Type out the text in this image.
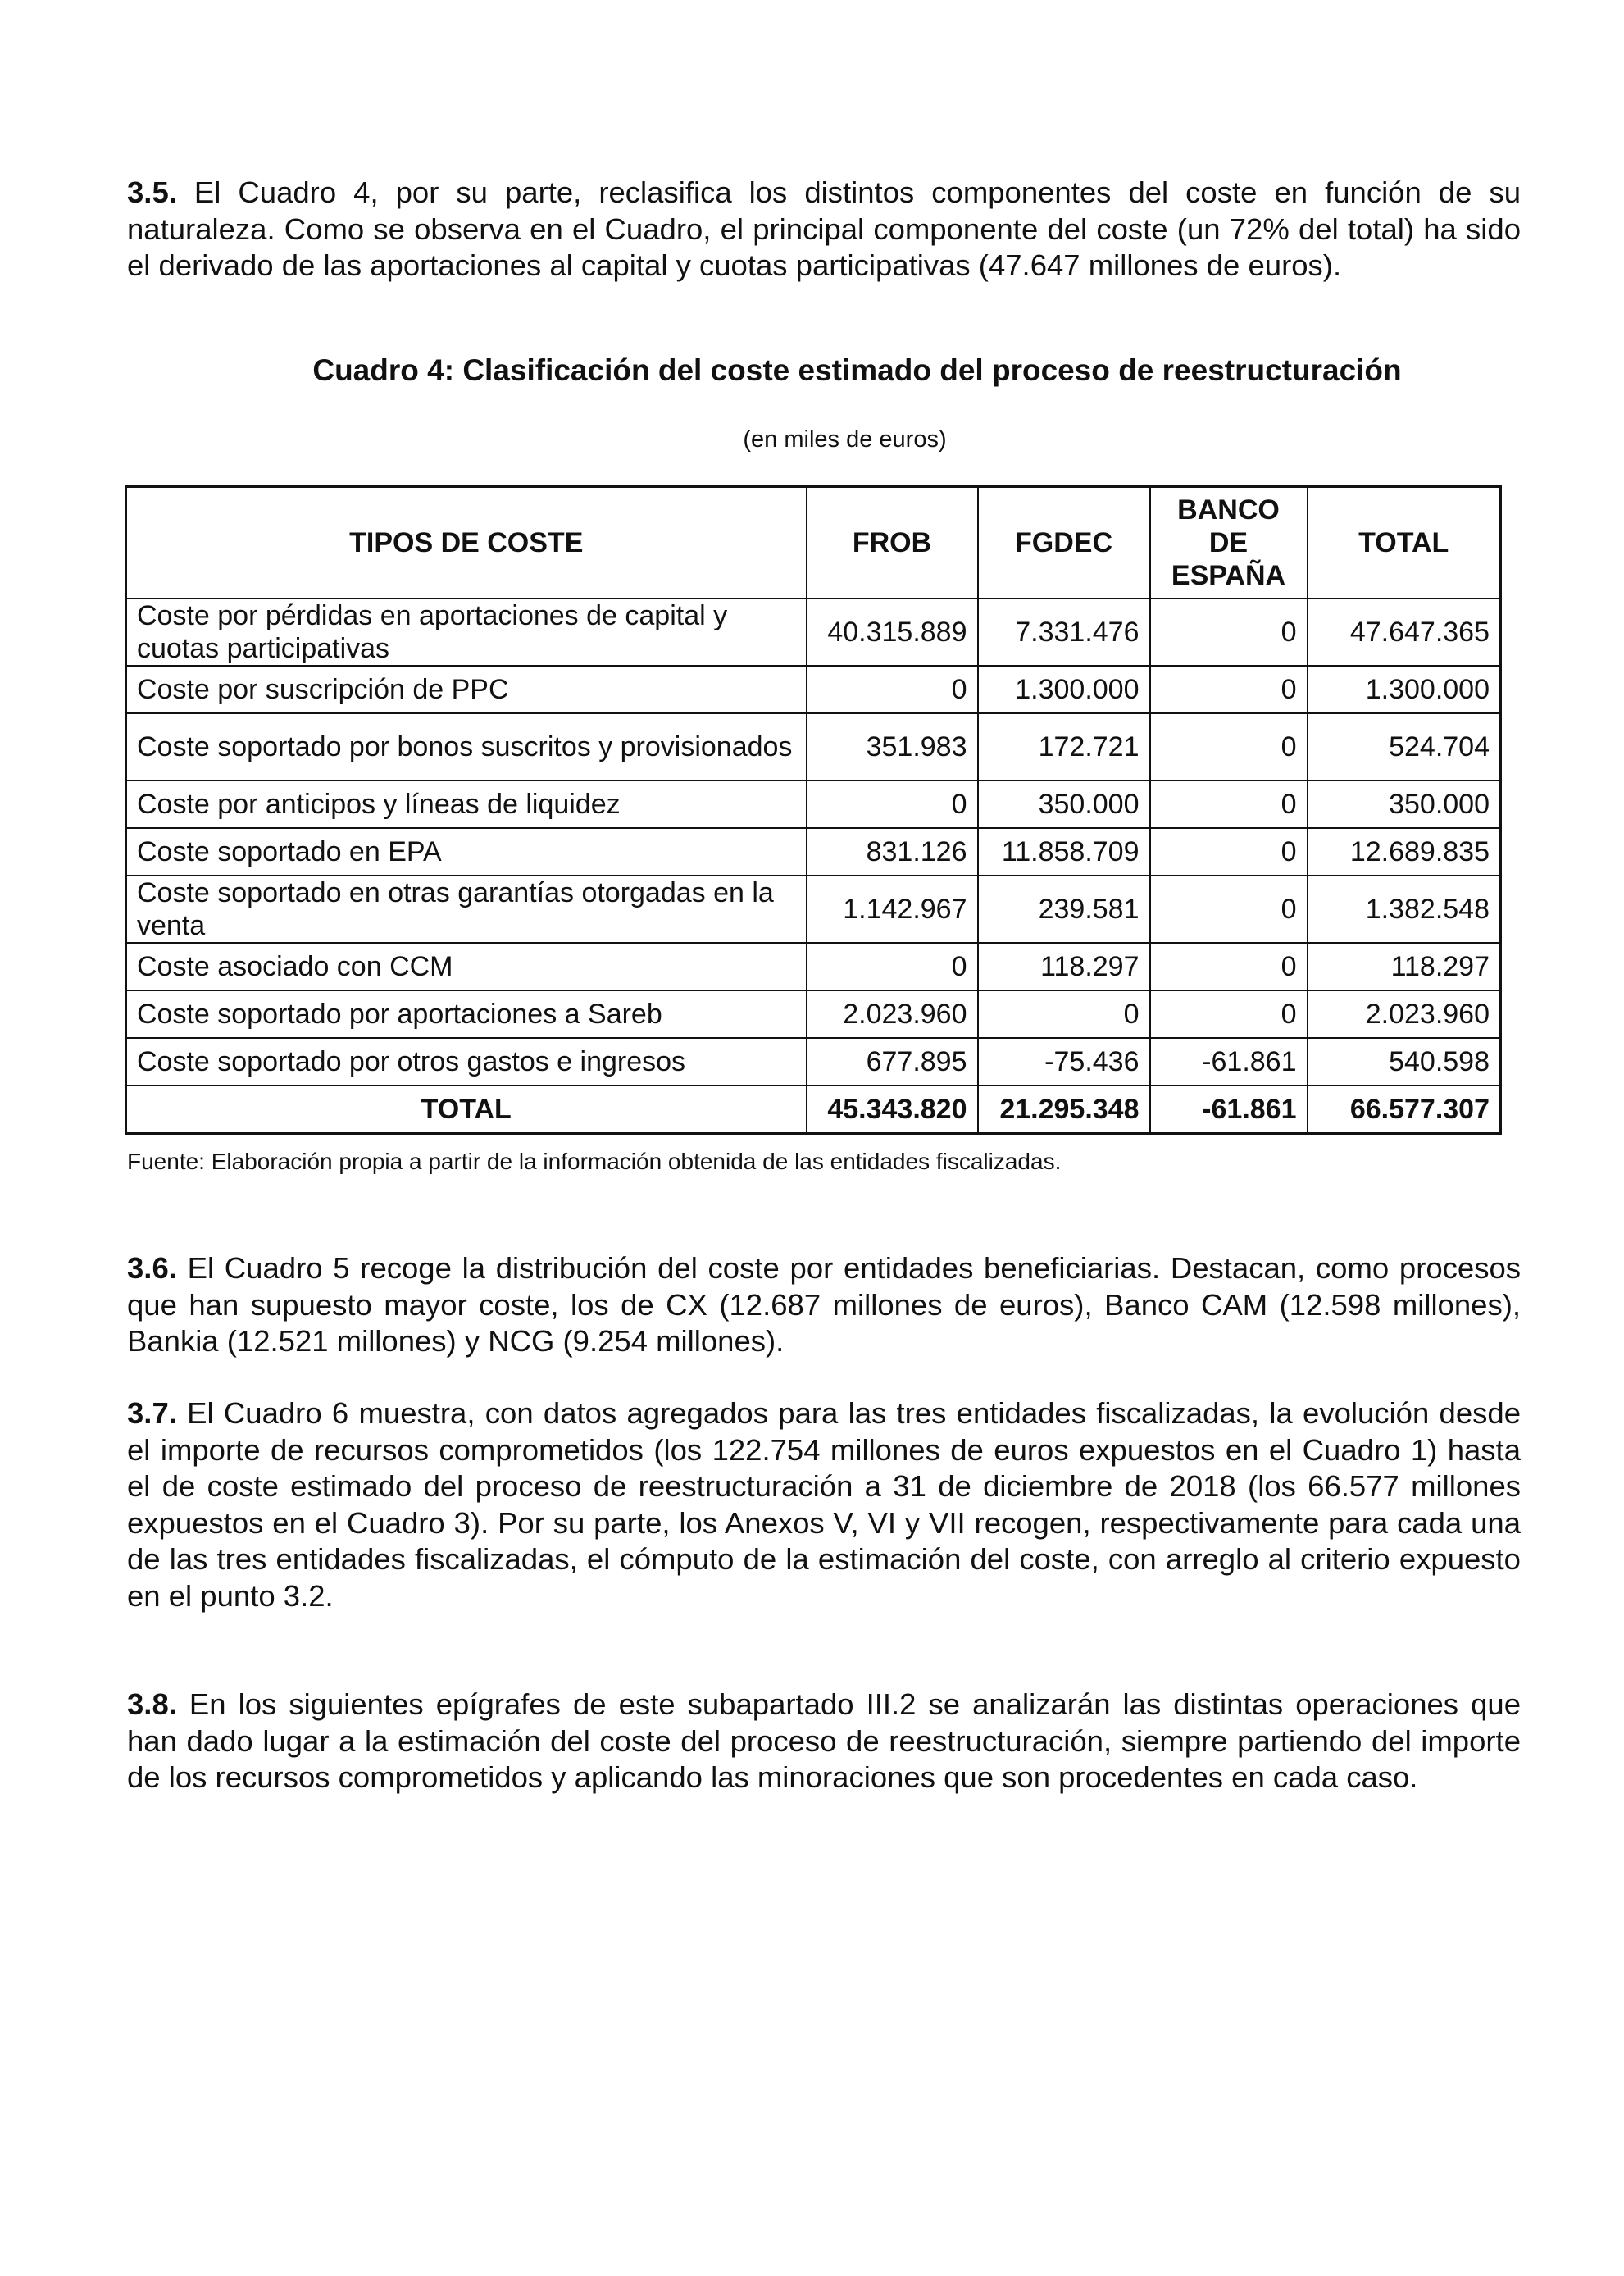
3.5. El Cuadro 4, por su parte, reclasifica los distintos componentes del coste en función de su naturaleza. Como se observa en el Cuadro, el principal componente del coste (un 72% del total) ha sido el derivado de las aportaciones al capital y cuotas participativas (47.647 millones de euros).

Cuadro 4: Clasificación del coste estimado del proceso de reestructuración
(en miles de euros)
TIPOS DE COSTE	FROB	FGDEC	BANCO DE ESPAÑA	TOTAL
Coste por pérdidas en aportaciones de capital y cuotas participativas	40.315.889	7.331.476	0	47.647.365
Coste por suscripción de PPC	0	1.300.000	0	1.300.000
Coste soportado por bonos suscritos y provisionados	351.983	172.721	0	524.704
Coste por anticipos y líneas de liquidez	0	350.000	0	350.000
Coste soportado en EPA	831.126	11.858.709	0	12.689.835
Coste soportado en otras garantías otorgadas en la venta	1.142.967	239.581	0	1.382.548
Coste asociado con CCM	0	118.297	0	118.297
Coste soportado por aportaciones a Sareb	2.023.960	0	0	2.023.960
Coste soportado por otros gastos e ingresos	677.895	-75.436	-61.861	540.598
TOTAL	45.343.820	21.295.348	-61.861	66.577.307
Fuente: Elaboración propia a partir de la información obtenida de las entidades fiscalizadas.

3.6. El Cuadro 5 recoge la distribución del coste por entidades beneficiarias. Destacan, como procesos que han supuesto mayor coste, los de CX (12.687 millones de euros), Banco CAM (12.598 millones), Bankia (12.521 millones) y NCG (9.254 millones).

3.7. El Cuadro 6 muestra, con datos agregados para las tres entidades fiscalizadas, la evolución desde el importe de recursos comprometidos (los 122.754 millones de euros expuestos en el Cuadro 1) hasta el de coste estimado del proceso de reestructuración a 31 de diciembre de 2018 (los 66.577 millones expuestos en el Cuadro 3). Por su parte, los Anexos V, VI y VII recogen, respectivamente para cada una de las tres entidades fiscalizadas, el cómputo de la estimación del coste, con arreglo al criterio expuesto en el punto 3.2.

3.8. En los siguientes epígrafes de este subapartado III.2 se analizarán las distintas operaciones que han dado lugar a la estimación del coste del proceso de reestructuración, siempre partiendo del importe de los recursos comprometidos y aplicando las minoraciones que son procedentes en cada caso.
